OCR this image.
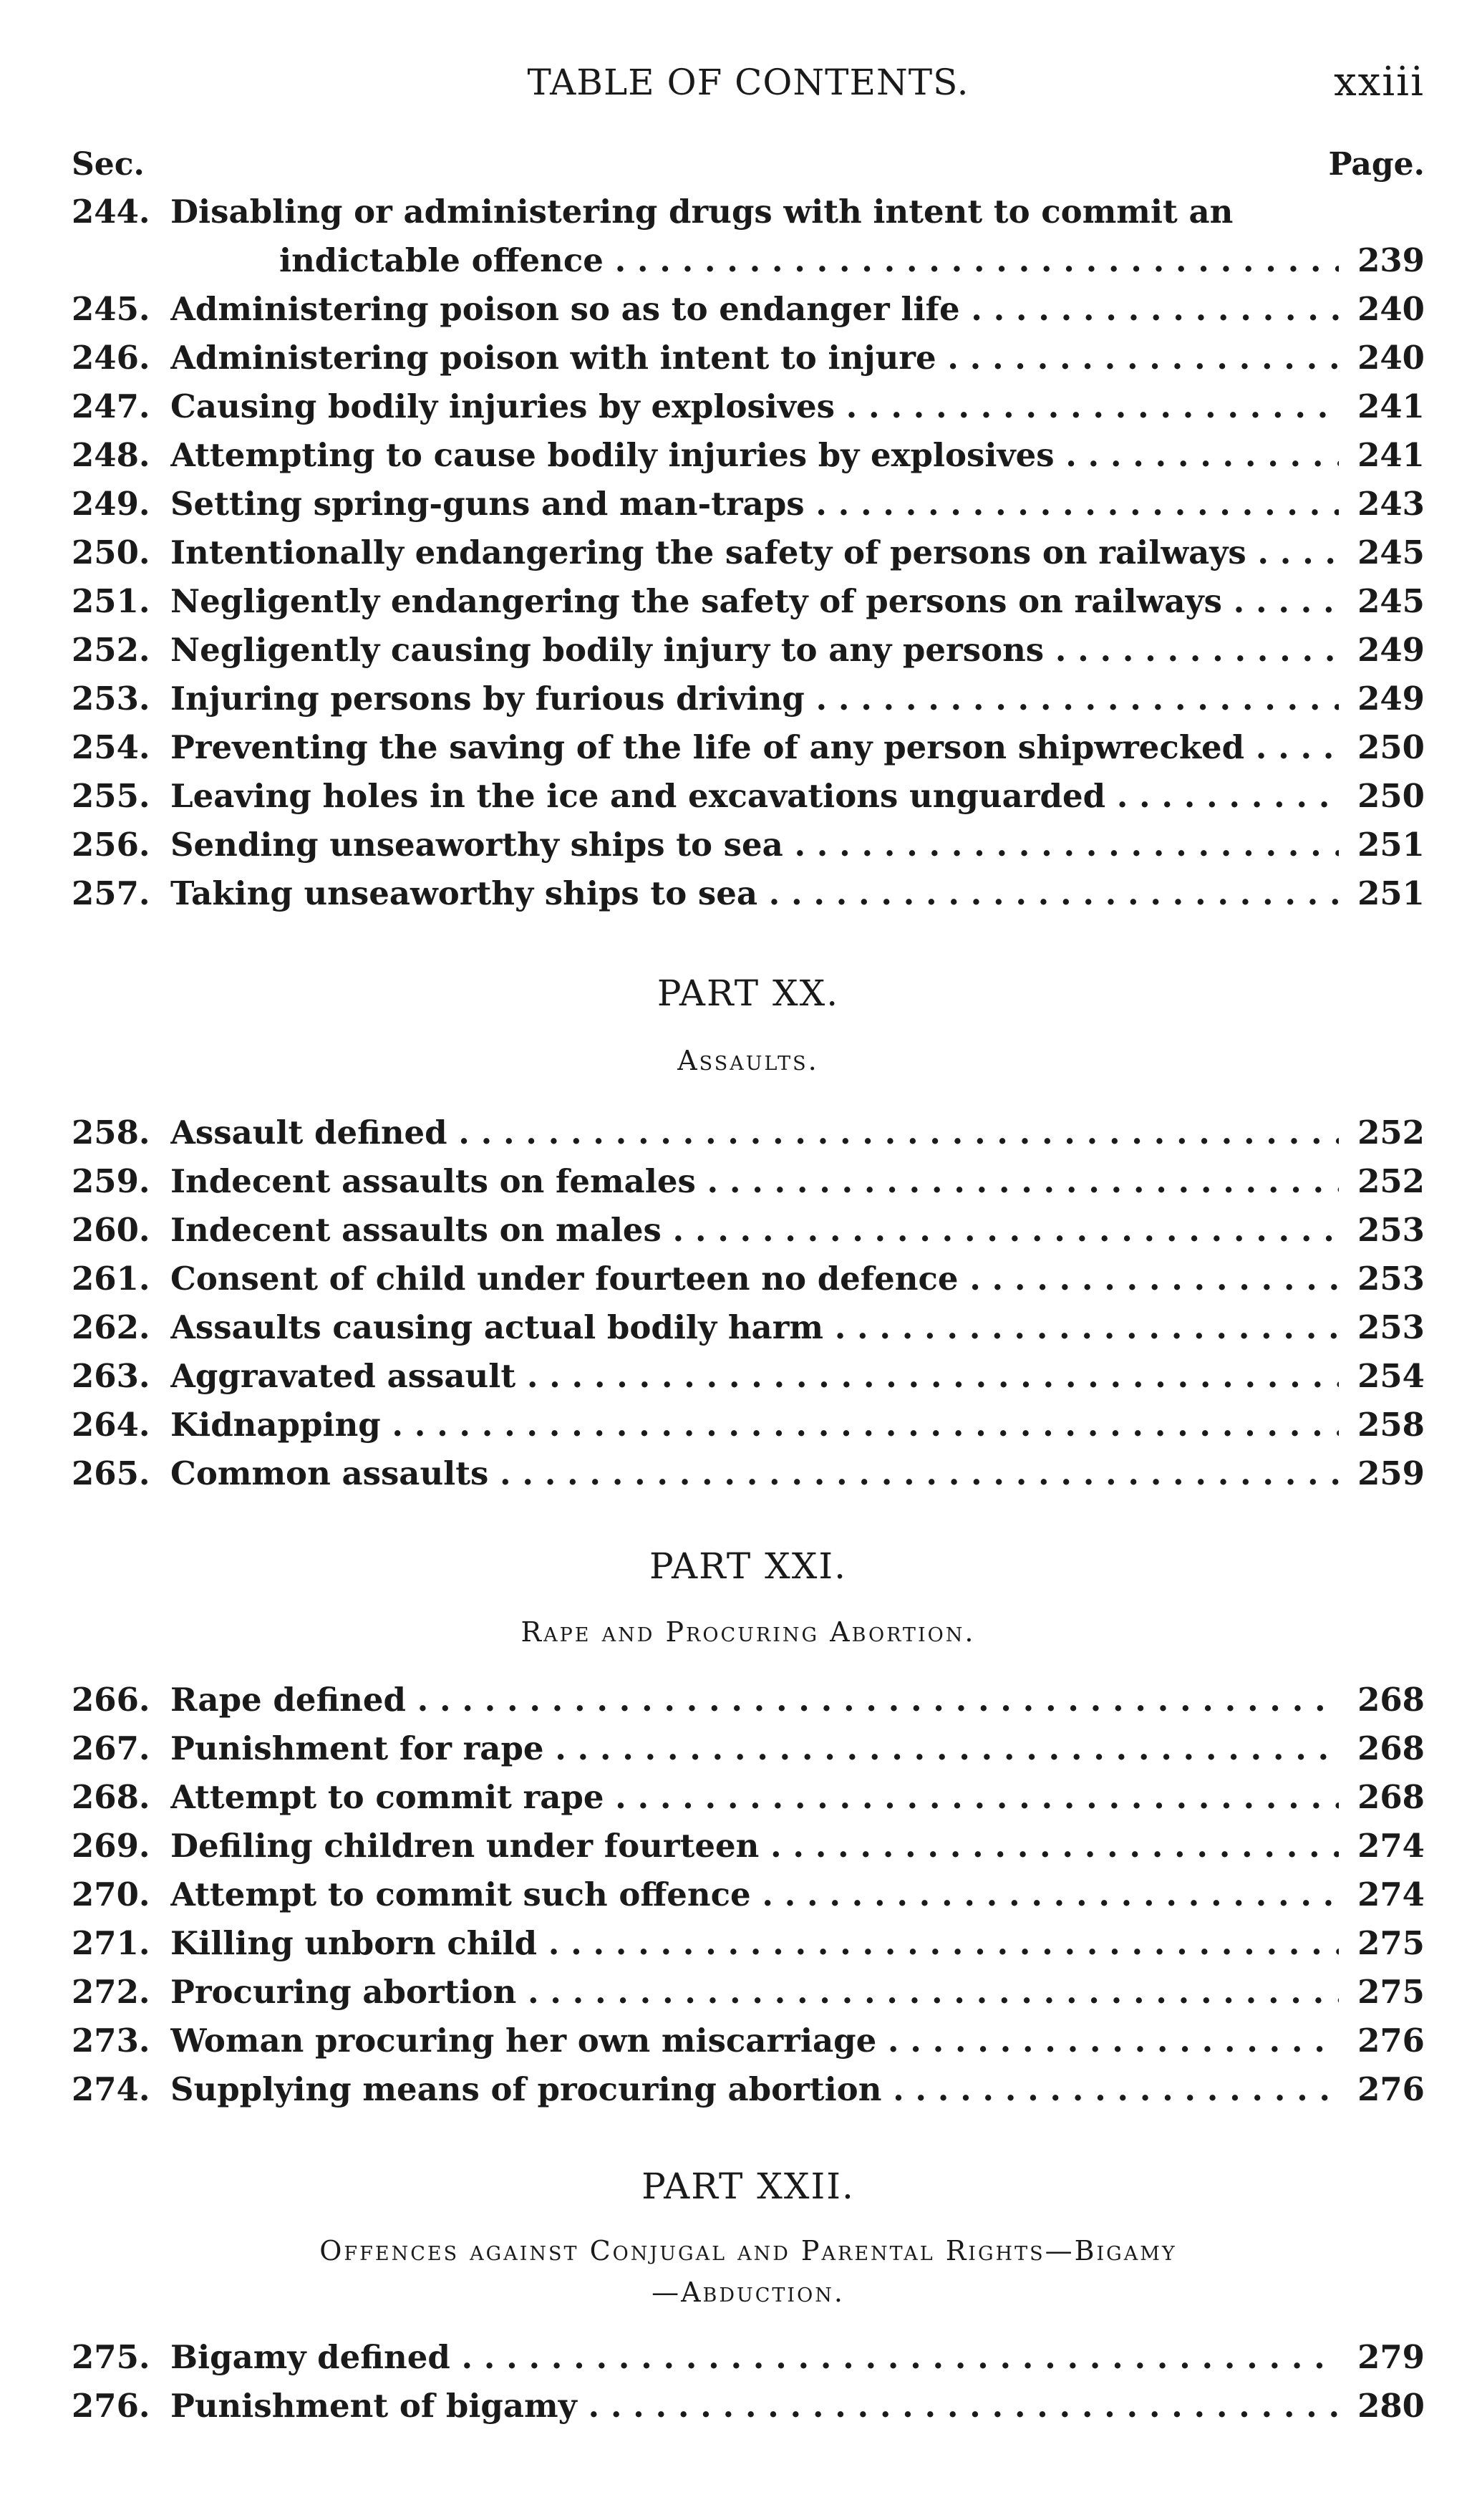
TABLE OF CONTENTS.	xxiii
Sec.	Page.
244. Disabling or administering drugs with intent to commit an
indictable offence . . .	239
245. Administering poison so as to endanger life . . .	240
246. Administering poison with intent to injure . . .	240
247. Causing bodily injuries by explosives . . .	241
248. Attempting to cause bodily injuries by explosives . . .	241
249. Setting spring-guns and man-traps . . .	243
250. Intentionally endangering the safety of persons on railways . . .	245
251. Negligently endangering the safety of persons on railways . . .	245
252. Negligently causing bodily injury to any persons . . .	249
253. Injuring persons by furious driving . . .	249
254. Preventing the saving of the life of any person shipwrecked . . .	250
255. Leaving holes in the ice and excavations unguarded . . .	250
256. Sending unseaworthy ships to sea . . .	251
257. Taking unseaworthy ships to sea . . .	251
PART XX.
Assaults.
258. Assault defined . . .	252
259. Indecent assaults on females . . .	252
260. Indecent assaults on males . . .	253
261. Consent of child under fourteen no defence . . .	253
262. Assaults causing actual bodily harm . . .	253
263. Aggravated assault . . .	254
264. Kidnapping . . .	258
265. Common assaults . . .	259
PART XXI.
Rape and Procuring Abortion.
266. Rape defined . . .	268
267. Punishment for rape . . .	268
268. Attempt to commit rape . . .	268
269. Defiling children under fourteen . . .	274
270. Attempt to commit such offence . . .	274
271. Killing unborn child . . .	275
272. Procuring abortion . . .	275
273. Woman procuring her own miscarriage . . .	276
274. Supplying means of procuring abortion . . .	276
PART XXII.
Offences against Conjugal and Parental Rights—Bigamy
—Abduction.
275. Bigamy defined . . .	279
276. Punishment of bigamy . . .	280
